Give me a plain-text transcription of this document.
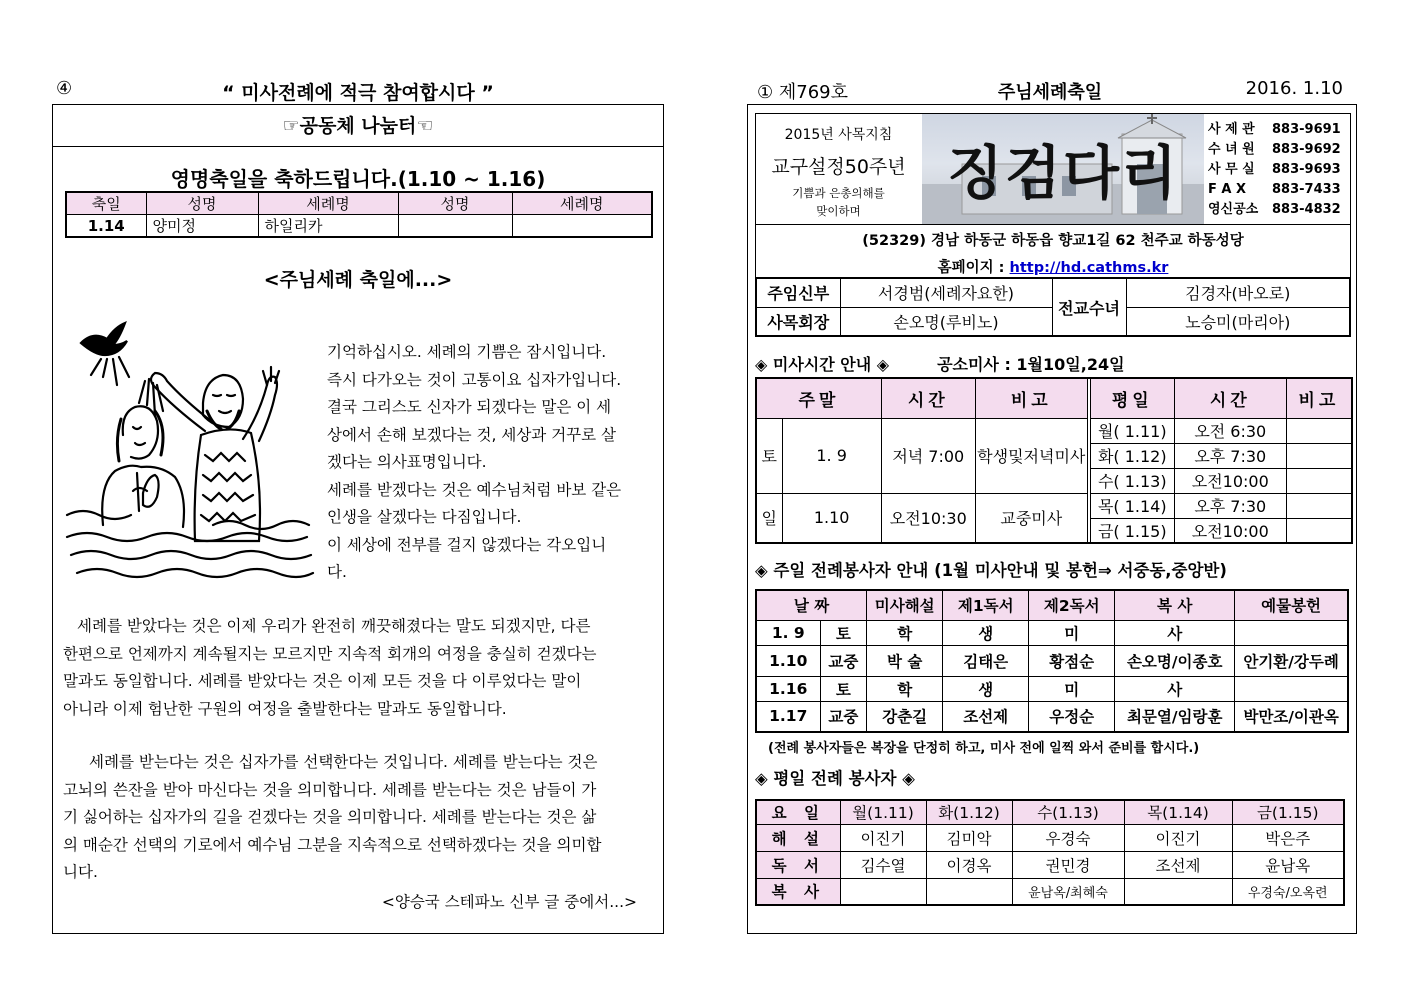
④	“ 미사전례에 적극 참여합시다 ”
☞공동체 나눔터☜
영명축일을 축하드립니다.(1.10 ~ 1.16)
축일	성명	세례명	성명	세례명
1.14	양미정	하일리카		
<주님세례 축일에...>
기억하십시오. 세례의 기쁨은 잠시입니다.
즉시 다가오는 것이 고통이요 십자가입니다.
결국 그리스도 신자가 되겠다는 말은 이 세
상에서 손해 보겠다는 것, 세상과 거꾸로 살
겠다는 의사표명입니다.
세례를 받겠다는 것은 예수님처럼 바보 같은
인생을 살겠다는 다짐입니다.
이 세상에 전부를 걸지 않겠다는 각오입니
다.
세례를 받았다는 것은 이제 우리가 완전히 깨끗해졌다는 말도 되겠지만, 다른
한편으로 언제까지 계속될지는 모르지만 지속적 회개의 여정을 충실히 걷겠다는
말과도 동일합니다. 세례를 받았다는 것은 이제 모든 것을 다 이루었다는 말이
아니라 이제 험난한 구원의 여정을 출발한다는 말과도 동일합니다.
세례를 받는다는 것은 십자가를 선택한다는 것입니다. 세례를 받는다는 것은
고뇌의 쓴잔을 받아 마신다는 것을 의미합니다. 세례를 받는다는 것은 남들이 가
기 싫어하는 십자가의 길을 걷겠다는 것을 의미합니다. 세례를 받는다는 것은 삶
의 매순간 선택의 기로에서 예수님 그분을 지속적으로 선택하겠다는 것을 의미합
니다.
<양승국 스테파노 신부 글 중에서...>
① 제769호	주님세례축일	2016. 1.10
2015년 사목지침
교구설정50주년
기쁨과 은총의해를
맞이하며
징검다리
사 제 관 883-9691
수 녀 원 883-9692
사 무 실 883-9693
F A X 883-7433
영신공소 883-4832
(52329) 경남 하동군 하동읍 향교1길 62 천주교 하동성당
홈페이지 : http://hd.cathms.kr
주임신부	서경범(세례자요한)	전교수녀	김경자(바오로)
사목회장	손오명(루비노)		노승미(마리아)
◈ 미사시간 안내 ◈	공소미사 : 1월10일,24일
주말		시간	비고		평일	시간	비고
토	1. 9	저녁 7:00	학생및저녁미사		월( 1.11)	오전 6:30	
					화( 1.12)	오후 7:30	
					수( 1.13)	오전10:00	
일	1.10	오전10:30	교중미사		목( 1.14)	오후 7:30	
					금( 1.15)	오전10:00	
◈ 주일 전례봉사자 안내 (1월 미사안내 및 봉헌⇒ 서중동,중앙반)
날 짜		미사해설	제1독서	제2독서	복 사	예물봉헌
1. 9	토	학	생	미	사	
1.10	교중	박 술	김태은	황점순	손오명/이종호	안기환/강두례
1.16	토	학	생	미	사	
1.17	교중	강춘길	조선제	우정순	최문열/임랑훈	박만조/이관옥
(전례 봉사자들은 복장을 단정히 하고, 미사 전에 일찍 와서 준비를 합시다.)
◈ 평일 전례 봉사자 ◈
요 일	월(1.11)	화(1.12)	수(1.13)	목(1.14)	금(1.15)
해 설	이진기	김미악	우경숙	이진기	박은주
독 서	김수열	이경옥	권민경	조선제	윤남옥
복 사			윤남옥/최혜숙		우경숙/오옥련
